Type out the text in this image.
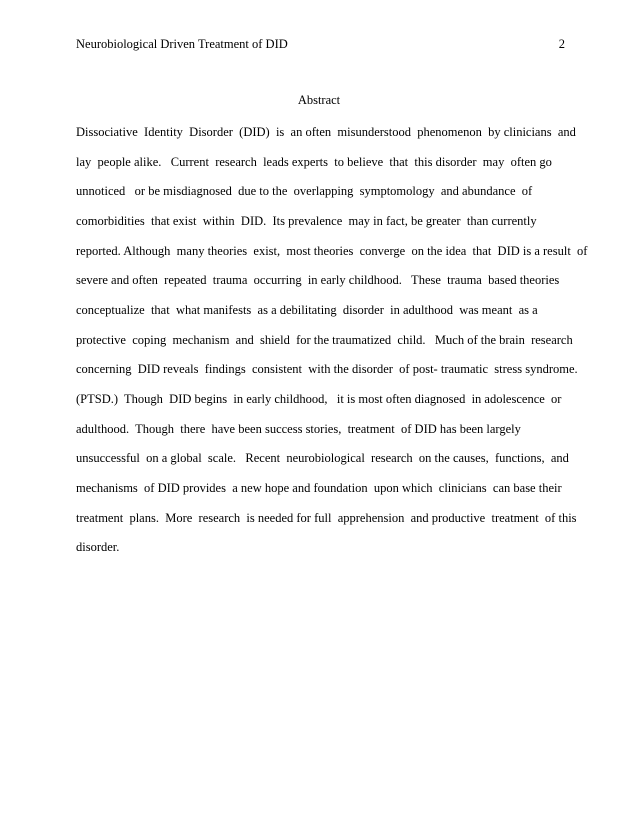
Neurobiological Driven Treatment of DID	2
Abstract
Dissociative  Identity  Disorder  (DID)  is  an often  misunderstood  phenomenon  by clinicians  and
lay  people alike.   Current  research  leads experts  to believe  that  this disorder  may  often go
unnoticed   or be misdiagnosed  due to the  overlapping  symptomology  and abundance  of
comorbidities  that exist  within  DID.  Its prevalence  may in fact, be greater  than currently
reported. Although  many theories  exist,  most theories  converge  on the idea  that  DID is a result  of
severe and often  repeated  trauma  occurring  in early childhood.   These  trauma  based theories
conceptualize  that  what manifests  as a debilitating  disorder  in adulthood  was meant  as a
protective  coping  mechanism  and  shield  for the traumatized  child.   Much of the brain  research
concerning  DID reveals  findings  consistent  with the disorder  of post- traumatic  stress syndrome.
(PTSD.)  Though  DID begins  in early childhood,   it is most often diagnosed  in adolescence  or
adulthood.  Though  there  have been success stories,  treatment  of DID has been largely
unsuccessful  on a global  scale.   Recent  neurobiological  research  on the causes,  functions,  and
mechanisms  of DID provides  a new hope and foundation  upon which  clinicians  can base their
treatment  plans.  More  research  is needed for full  apprehension  and productive  treatment  of this
disorder.
